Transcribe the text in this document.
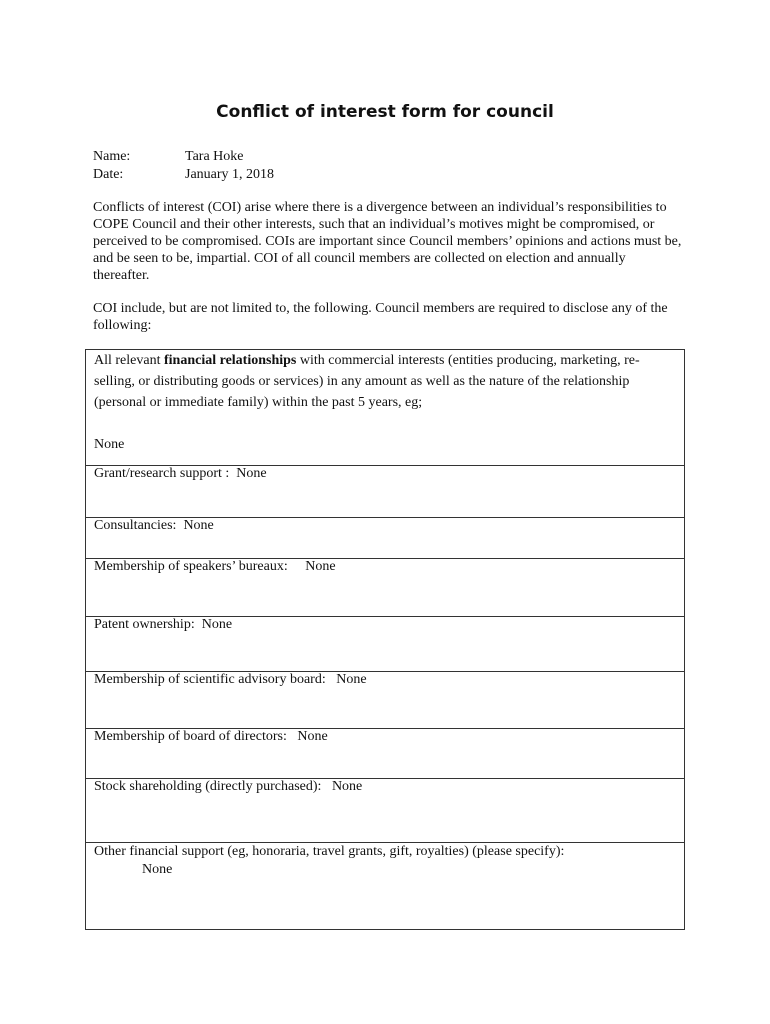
Conflict of interest form for council
Name:	Tara Hoke
Date:	January 1, 2018
Conflicts of interest (COI) arise where there is a divergence between an individual’s responsibilities to COPE Council and their other interests, such that an individual’s motives might be compromised, or perceived to be compromised. COIs are important since Council members’ opinions and actions must be, and be seen to be, impartial. COI of all council members are collected on election and annually thereafter.
COI include, but are not limited to, the following. Council members are required to disclose any of the following:
All relevant financial relationships with commercial interests (entities producing, marketing, re-selling, or distributing goods or services) in any amount as well as the nature of the relationship (personal or immediate family) within the past 5 years, eg;
None
Grant/research support : None
Consultancies: None
Membership of speakers’ bureaux: None
Patent ownership: None
Membership of scientific advisory board: None
Membership of board of directors: None
Stock shareholding (directly purchased): None

Other financial support (eg, honoraria, travel grants, gift, royalties) (please specify):
None
